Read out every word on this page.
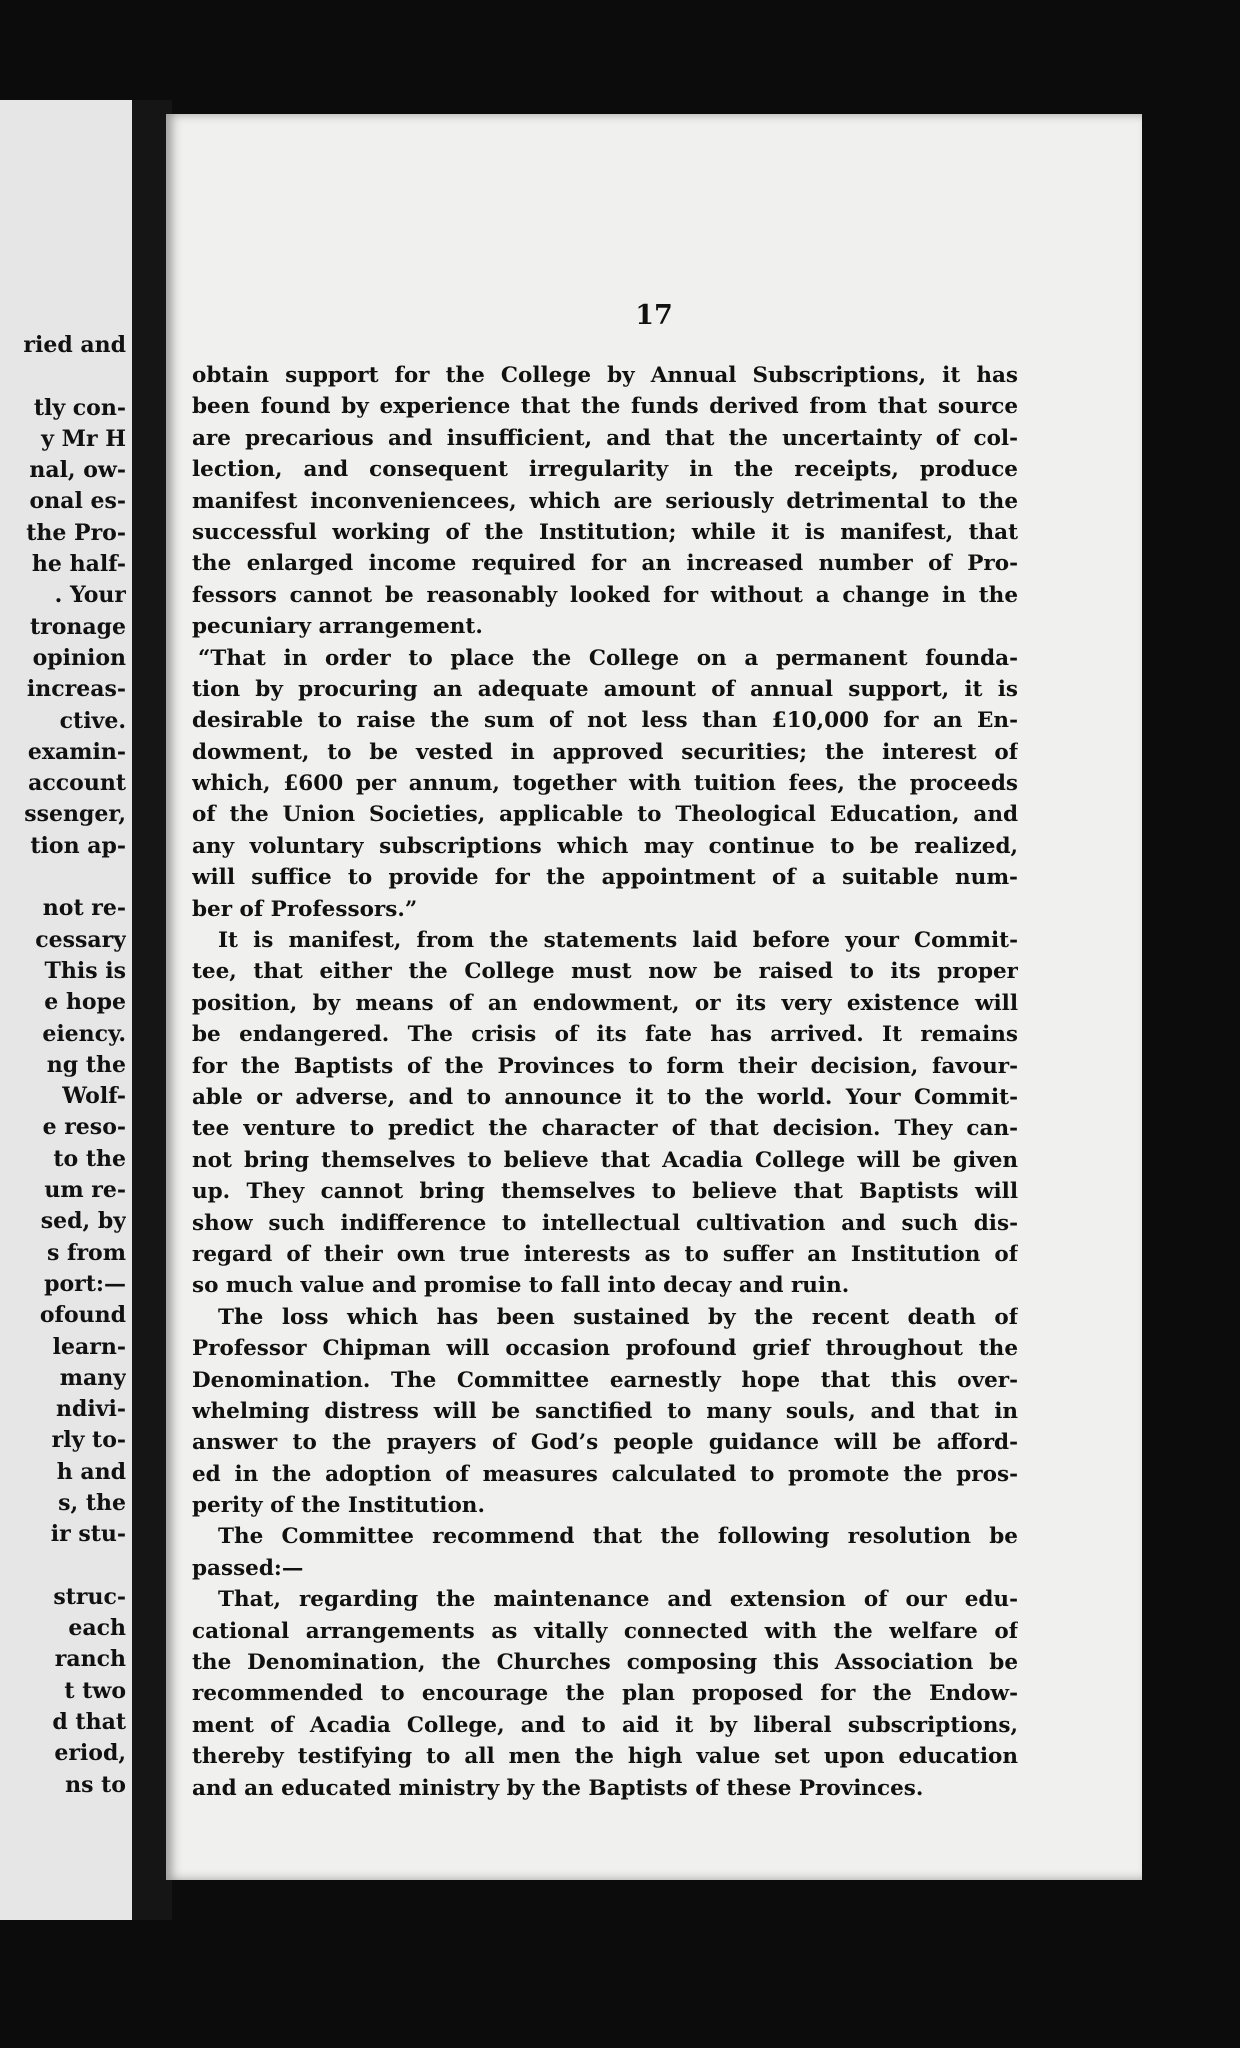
ried and
tly con-
y Mr H
nal, ow-
onal es-
the Pro-
he half-
. Your
tronage
opinion
increas-
ctive.
examin-
account
ssenger,
tion ap-
not re-
cessary
This is
e hope
eiency.
ng the
Wolf-
e reso-
to the
um re-
sed, by
s from
port:—
ofound
learn-
many
ndivi-
rly to-
h and
s, the
ir stu-
struc-
each
ranch
t two
d that
eriod,
ns to
17
obtain support for the College by Annual Subscriptions, it has
been found by experience that the funds derived from that source
are precarious and insufficient, and that the uncertainty of col-
lection, and consequent irregularity in the receipts, produce
manifest inconveniencees, which are seriously detrimental to the
successful working of the Institution; while it is manifest, that
the enlarged income required for an increased number of Pro-
fessors cannot be reasonably looked for without a change in the
pecuniary arrangement.
“That in order to place the College on a permanent founda-
tion by procuring an adequate amount of annual support, it is
desirable to raise the sum of not less than £10,000 for an En-
dowment, to be vested in approved securities; the interest of
which, £600 per annum, together with tuition fees, the proceeds
of the Union Societies, applicable to Theological Education, and
any voluntary subscriptions which may continue to be realized,
will suffice to provide for the appointment of a suitable num-
ber of Professors.”
It is manifest, from the statements laid before your Commit-
tee, that either the College must now be raised to its proper
position, by means of an endowment, or its very existence will
be endangered. The crisis of its fate has arrived. It remains
for the Baptists of the Provinces to form their decision, favour-
able or adverse, and to announce it to the world. Your Commit-
tee venture to predict the character of that decision. They can-
not bring themselves to believe that Acadia College will be given
up. They cannot bring themselves to believe that Baptists will
show such indifference to intellectual cultivation and such dis-
regard of their own true interests as to suffer an Institution of
so much value and promise to fall into decay and ruin.
The loss which has been sustained by the recent death of
Professor Chipman will occasion profound grief throughout the
Denomination. The Committee earnestly hope that this over-
whelming distress will be sanctified to many souls, and that in
answer to the prayers of God’s people guidance will be afford-
ed in the adoption of measures calculated to promote the pros-
perity of the Institution.
The Committee recommend that the following resolution be
passed:—
That, regarding the maintenance and extension of our edu-
cational arrangements as vitally connected with the welfare of
the Denomination, the Churches composing this Association be
recommended to encourage the plan proposed for the Endow-
ment of Acadia College, and to aid it by liberal subscriptions,
thereby testifying to all men the high value set upon education
and an educated ministry by the Baptists of these Provinces.
